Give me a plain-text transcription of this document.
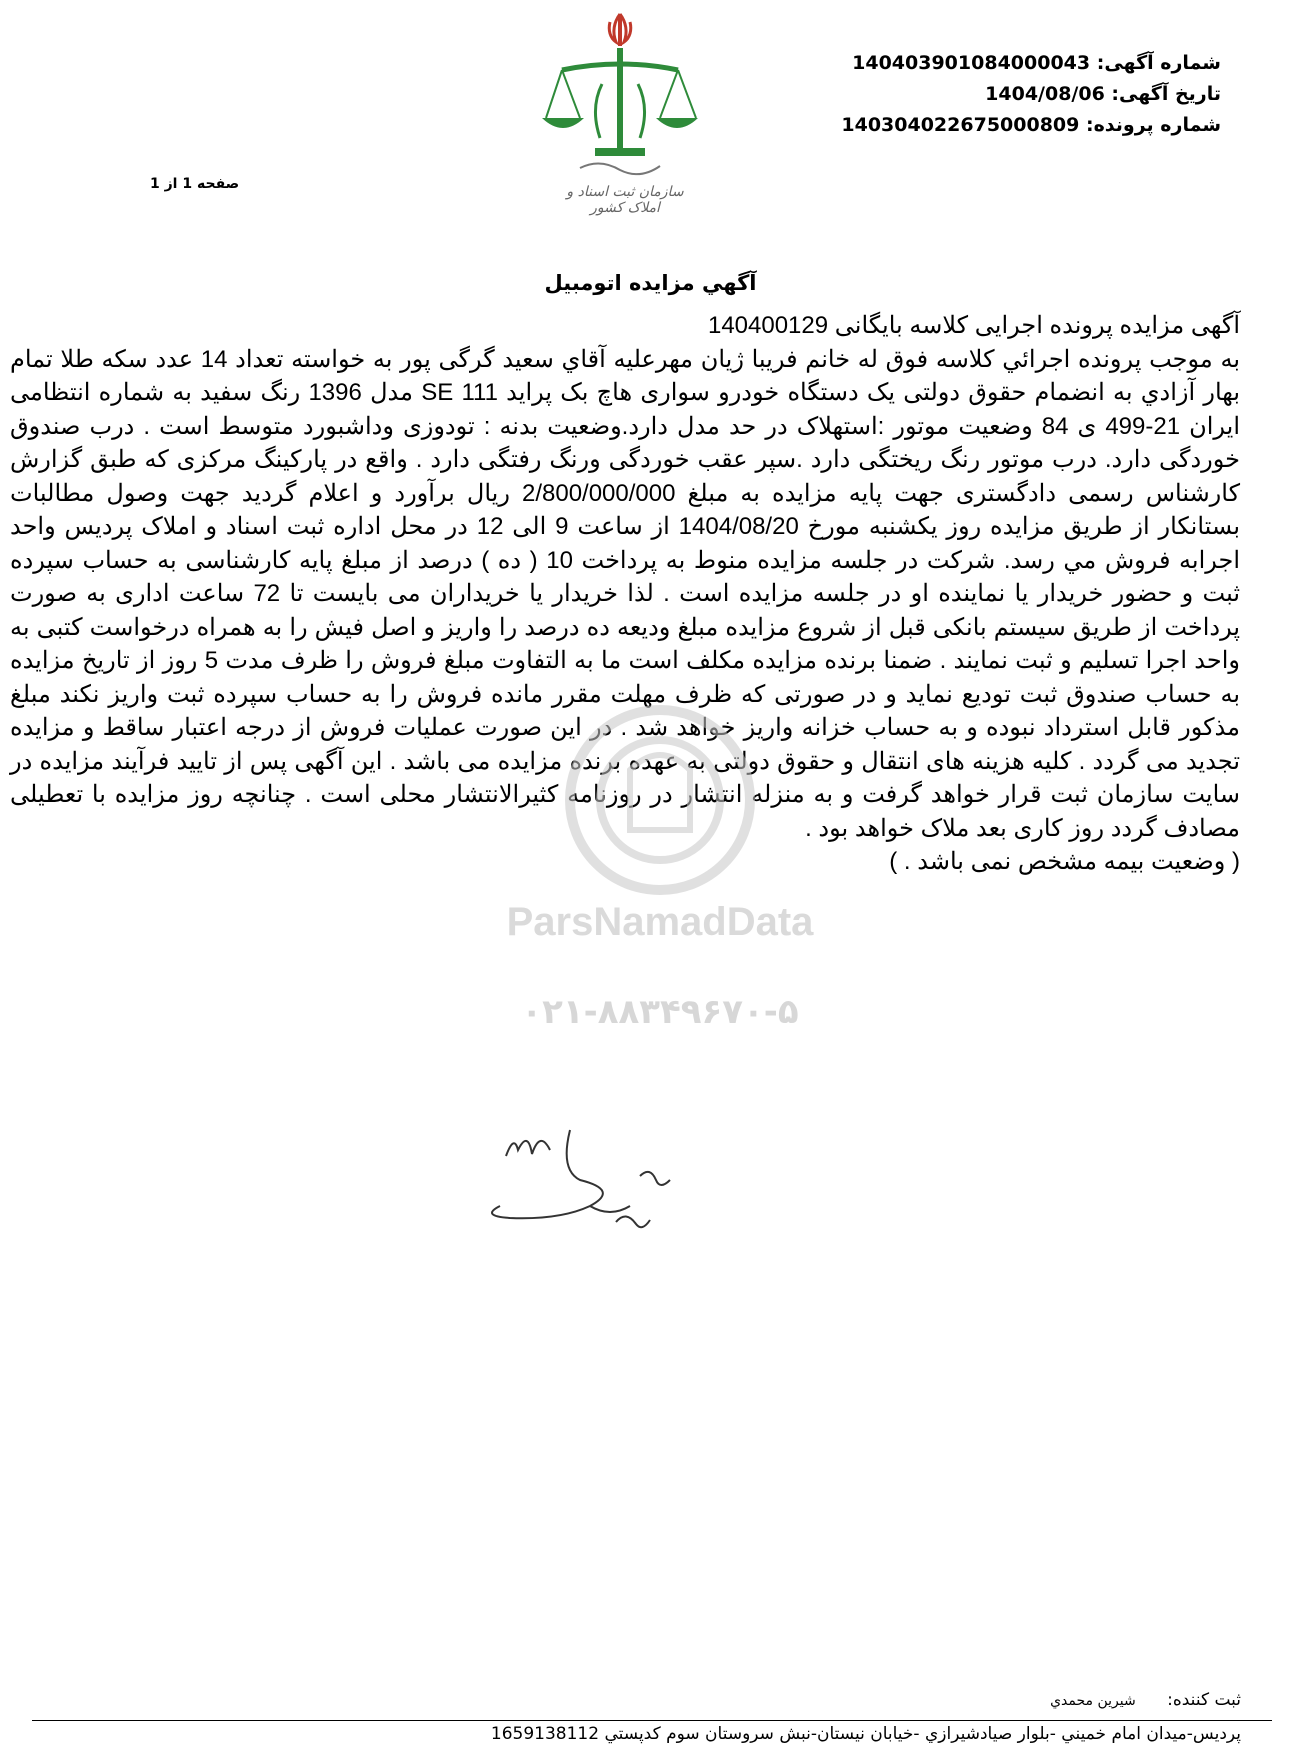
شماره آگهی: 140403901084000043
تاریخ آگهی: 1404/08/06
شماره پرونده: 140304022675000809
صفحه 1 از 1	سازمان ثبت اسناد و املاک کشور
آگهي مزايده اتومبيل

آگهی مزایده پرونده اجرایی کلاسه بایگانی 140400129

به موجب پرونده اجرائي كلاسه فوق له خانم فريبا ژيان مهرعليه آقاي سعيد گرگی پور به خواسته تعداد 14 عدد سكه طلا تمام بهار آزادي به انضمام حقوق دولتی یک دستگاه خودرو سواری هاچ بک پراید SE 111 مدل 1396 رنگ سفید به شماره انتظامی ایران 21-499 ی 84 وضعیت موتور :استهلاک در حد مدل دارد.وضعیت بدنه : تودوزی وداشبورد متوسط است . درب صندوق خوردگی دارد. درب موتور رنگ ریختگی دارد .سپر عقب خوردگی ورنگ رفتگی دارد . واقع در پارکینگ مرکزی که طبق گزارش کارشناس رسمی دادگستری جهت پایه مزایده به مبلغ 2/800/000/000 ریال برآورد و اعلام گردید جهت وصول مطالبات بستانکار از طریق مزایده روز یکشنبه مورخ 1404/08/20 از ساعت 9 الی 12 در محل اداره ثبت اسناد و املاک پردیس واحد اجرابه فروش مي رسد. شرکت در جلسه مزایده منوط به پرداخت 10 ( ده ) درصد از مبلغ پایه کارشناسی به حساب سپرده ثبت و حضور خریدار یا نماینده او در جلسه مزایده است . لذا خریدار یا خریداران می بایست تا 72 ساعت اداری به صورت پرداخت از طریق سیستم بانکی قبل از شروع مزایده مبلغ ودیعه ده درصد را واریز و اصل فیش را به همراه درخواست کتبی به واحد اجرا تسلیم و ثبت نمایند . ضمنا برنده مزایده مکلف است ما به التفاوت مبلغ فروش را ظرف مدت 5 روز از تاریخ مزایده به حساب صندوق ثبت تودیع نماید و در صورتی که ظرف مهلت مقرر مانده فروش را به حساب سپرده ثبت واریز نکند مبلغ مذکور قابل استرداد نبوده و به حساب خزانه واریز خواهد شد . در این صورت عملیات فروش از درجه اعتبار ساقط و مزایده تجدید می گردد . کلیه هزینه های انتقال و حقوق دولتی به عهده برنده مزایده می باشد . این آگهی پس از تایید فرآیند مزایده در سایت سازمان ثبت قرار خواهد گرفت و به منزله انتشار در روزنامه کثیرالانتشار محلی است . چنانچه روز مزایده با تعطیلی مصادف گردد روز کاری بعد ملاک خواهد بود .

( وضعیت بیمه مشخص نمی باشد . )

ParsNamadData
۰۲۱-۸۸۳۴۹۶۷۰-۵
ثبت كننده: شيرين محمدي
پرديس-ميدان امام خميني -بلوار صيادشيرازي -خيابان نيستان-نبش سروستان سوم كدپستي 1659138112
